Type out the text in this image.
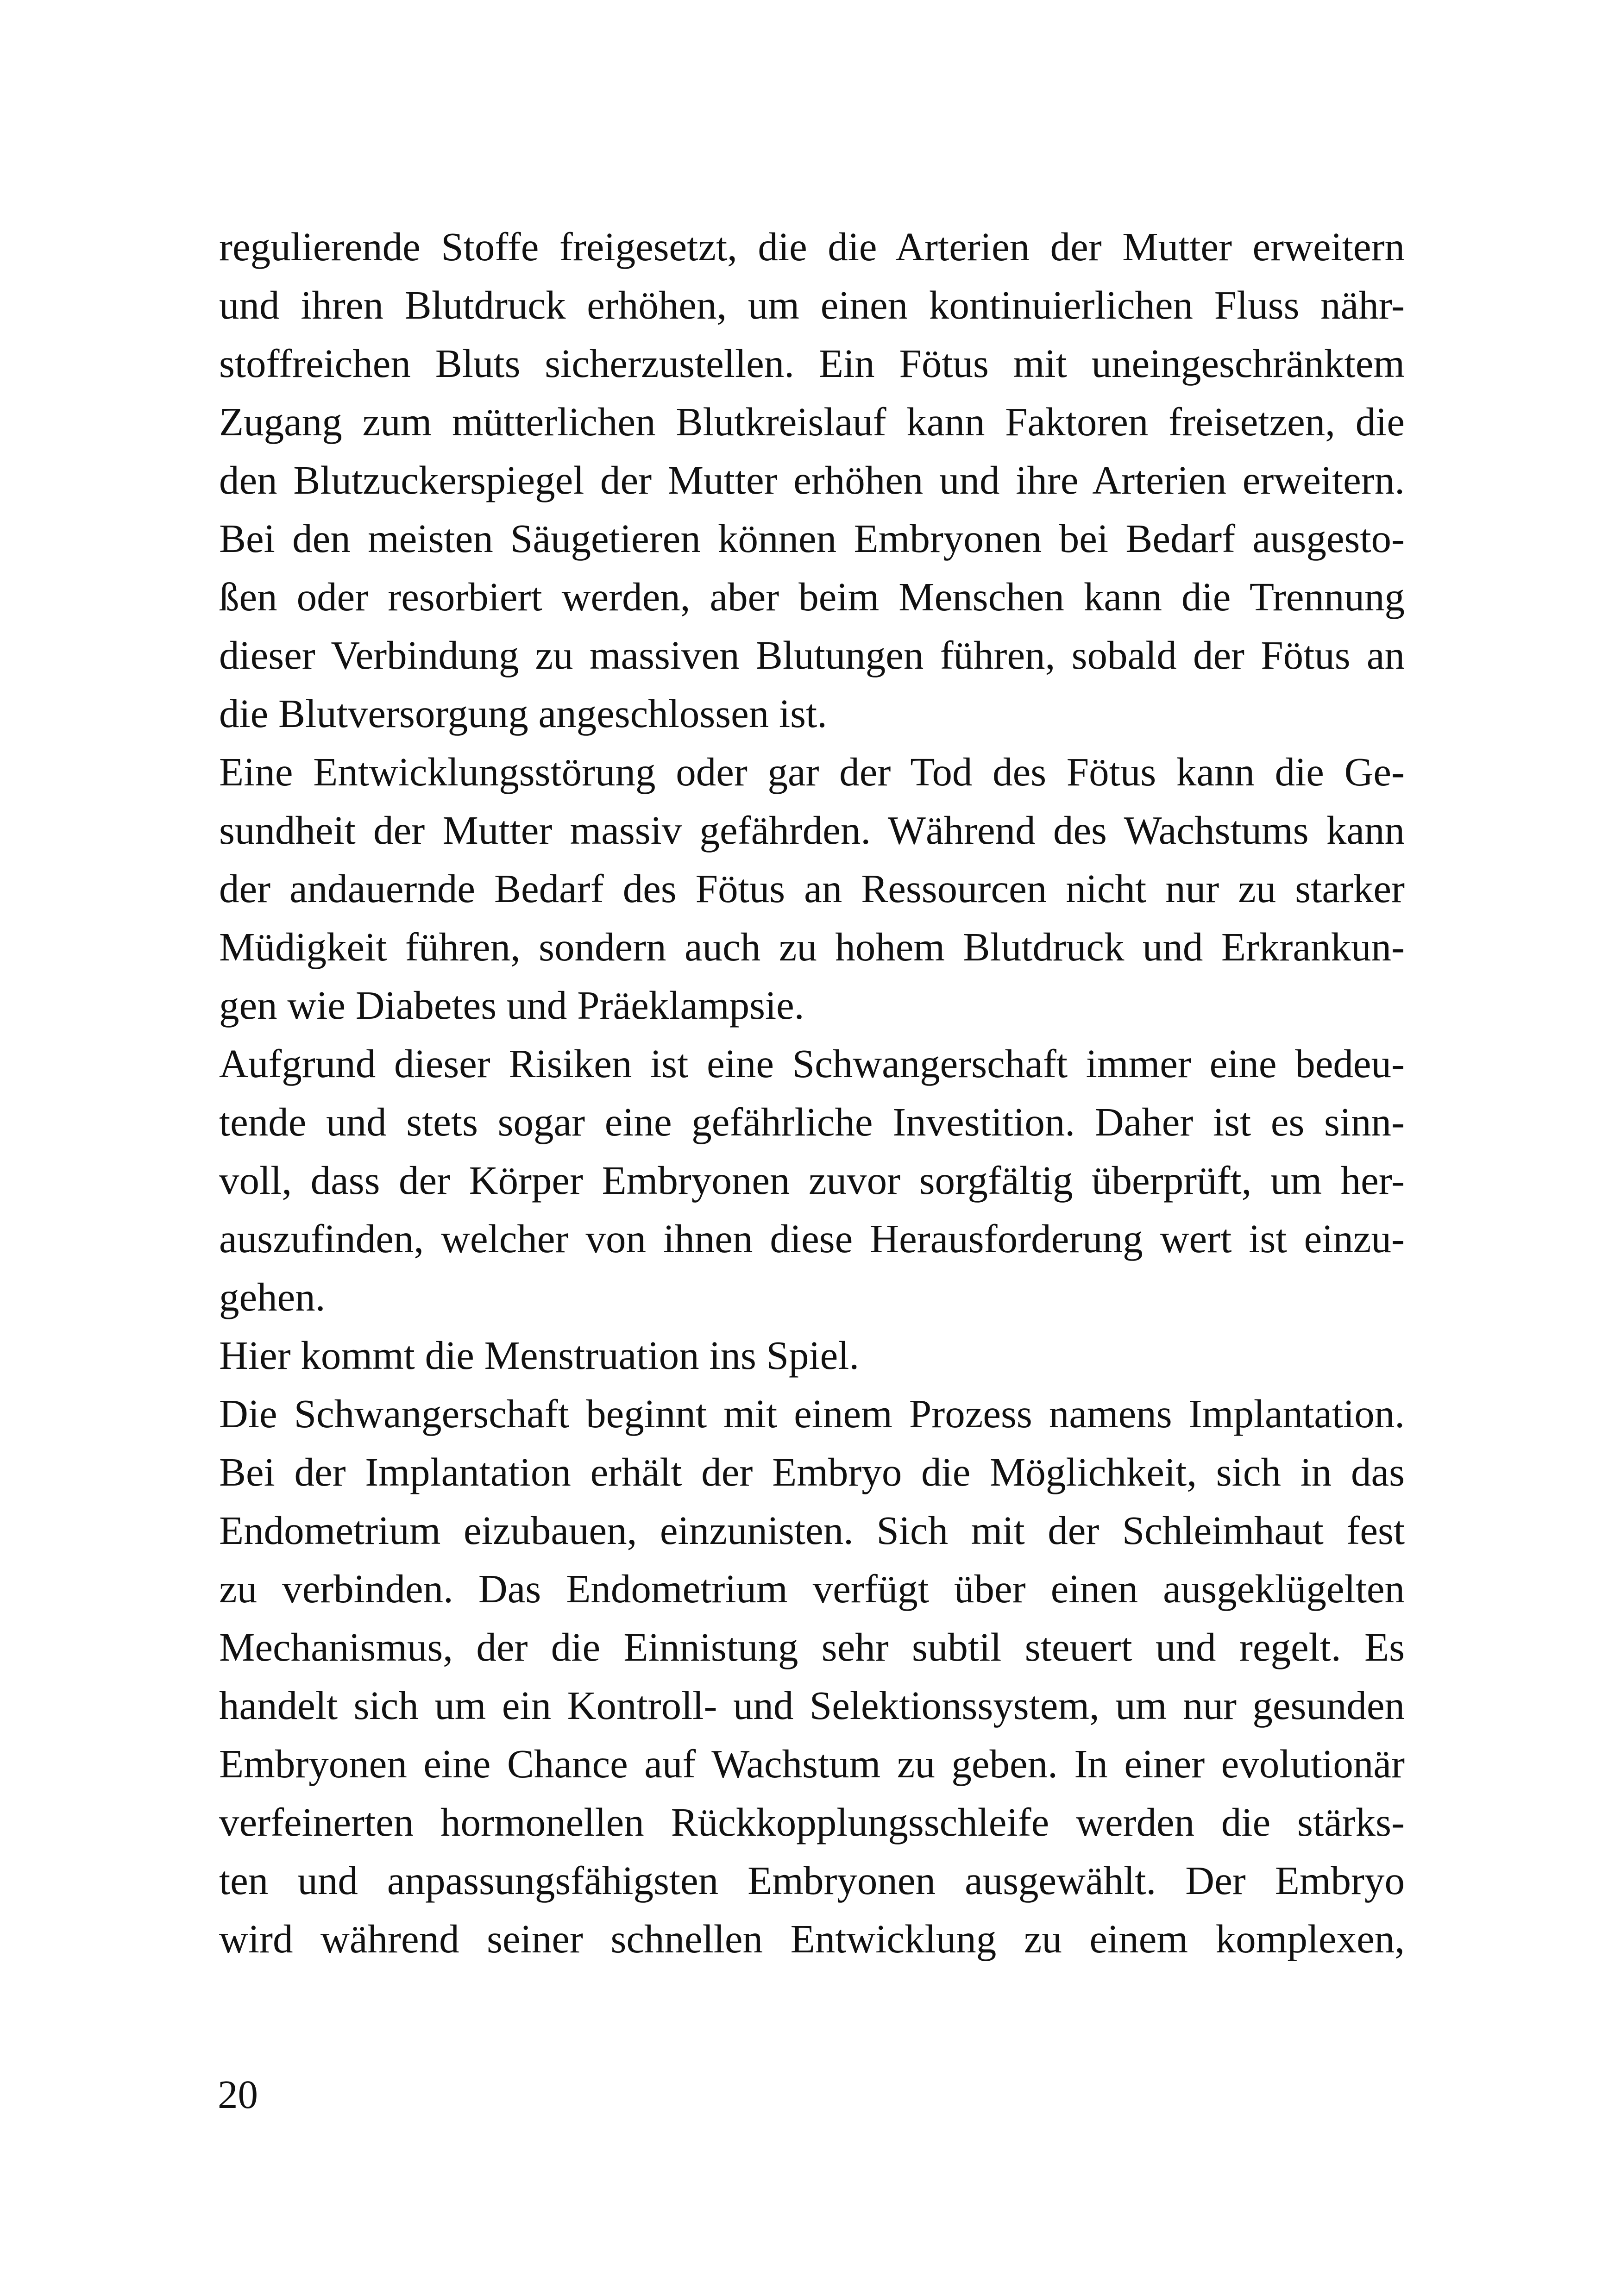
regulierende Stoffe freigesetzt, die die Arterien der Mutter erweitern
und ihren Blutdruck erhöhen, um einen kontinuierlichen Fluss nähr-
stoffreichen Bluts sicherzustellen. Ein Fötus mit uneingeschränktem
Zugang zum mütterlichen Blutkreislauf kann Faktoren freisetzen, die
den Blutzuckerspiegel der Mutter erhöhen und ihre Arterien erweitern.
Bei den meisten Säugetieren können Embryonen bei Bedarf ausgesto-
ßen oder resorbiert werden, aber beim Menschen kann die Trennung
dieser Verbindung zu massiven Blutungen führen, sobald der Fötus an
die Blutversorgung angeschlossen ist.
Eine Entwicklungsstörung oder gar der Tod des Fötus kann die Ge-
sundheit der Mutter massiv gefährden. Während des Wachstums kann
der andauernde Bedarf des Fötus an Ressourcen nicht nur zu starker
Müdigkeit führen, sondern auch zu hohem Blutdruck und Erkrankun-
gen wie Diabetes und Präeklampsie.
Aufgrund dieser Risiken ist eine Schwangerschaft immer eine bedeu-
tende und stets sogar eine gefährliche Investition. Daher ist es sinn-
voll, dass der Körper Embryonen zuvor sorgfältig überprüft, um her-
auszufinden, welcher von ihnen diese Herausforderung wert ist einzu-
gehen.
Hier kommt die Menstruation ins Spiel.
Die Schwangerschaft beginnt mit einem Prozess namens Implantation.
Bei der Implantation erhält der Embryo die Möglichkeit, sich in das
Endometrium eizubauen, einzunisten. Sich mit der Schleimhaut fest
zu verbinden. Das Endometrium verfügt über einen ausgeklügelten
Mechanismus, der die Einnistung sehr subtil steuert und regelt. Es
handelt sich um ein Kontroll- und Selektionssystem, um nur gesunden
Embryonen eine Chance auf Wachstum zu geben. In einer evolutionär
verfeinerten hormonellen Rückkopplungsschleife werden die stärks-
ten und anpassungsfähigsten Embryonen ausgewählt. Der Embryo
wird während seiner schnellen Entwicklung zu einem komplexen,
20
